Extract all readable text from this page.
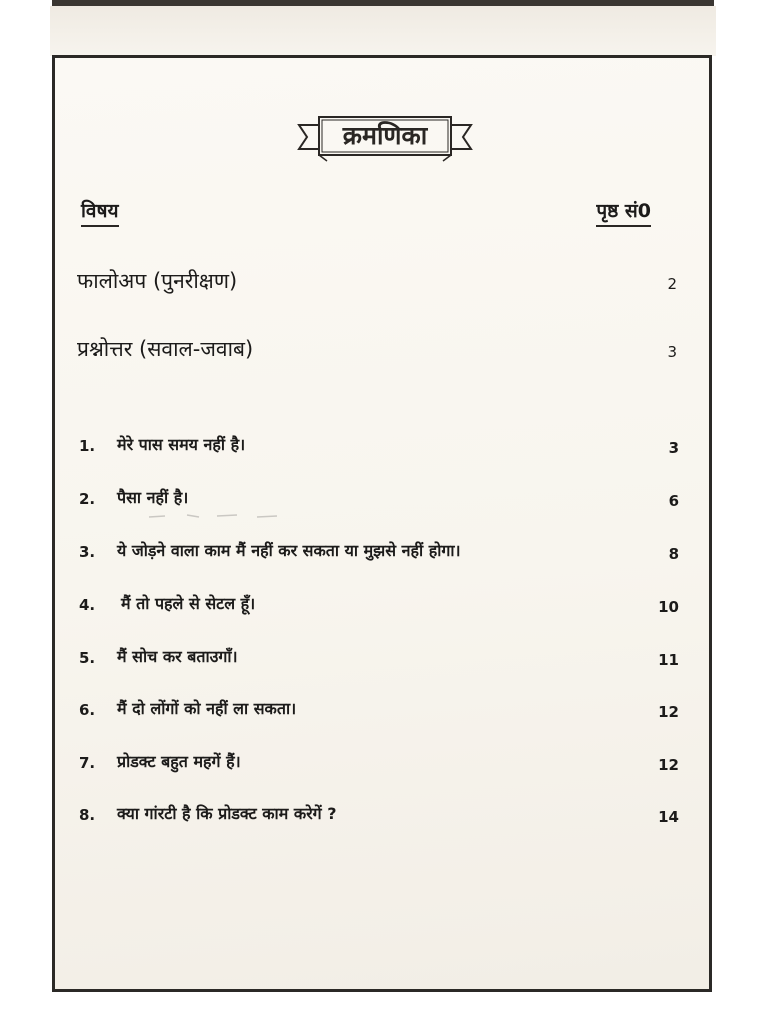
क्रमणिका
विषय	पृष्ठ सं0
फालोअप (पुनरीक्षण)	2
प्रश्नोत्तर (सवाल-जवाब)	3
1. मेरे पास समय नहीं है।	3
2. पैसा नहीं है।	6
3. ये जोड़ने वाला काम मैं नहीं कर सकता या मुझसे नहीं होगा।	8
4. मैं तो पहले से सेटल हूँ।	10
5. मैं सोच कर बताउगाँ।	11
6. मैं दो लोंगों को नहीं ला सकता।	12
7. प्रोडक्ट बहुत महगें हैं।	12
8. क्या गांरटी है कि प्रोडक्ट काम करेगें ?	14
